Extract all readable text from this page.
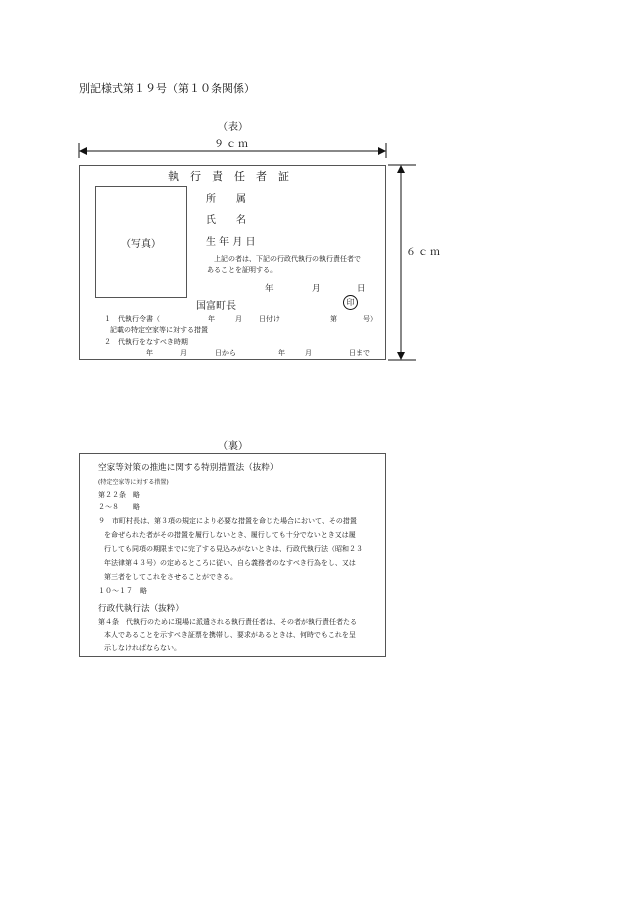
別記様式第１９号（第１０条関係）
（表）
９ｃｍ
６ｃｍ
執　行　責　任　者　証
（写真）
所　　属
氏　　名
生 年 月 日
上記の者は、下記の行政代執行の執行責任者で
あることを証明する。
年	月	日
国富町長	印
１　代執行令書（	年	月 日付け	第	号）
記載の特定空家等に対する措置
２　代執行をなすべき時期
年	月	日から	年	月	日まで
（裏）
空家等対策の推進に関する特別措置法（抜粋）
(特定空家等に対する措置)
第２２条　略
２～８　　略
９　市町村長は、第３項の規定により必要な措置を命じた場合において、その措置
を命ぜられた者がその措置を履行しないとき、履行しても十分でないとき又は履
行しても同項の期限までに完了する見込みがないときは、行政代執行法（昭和２３
年法律第４３号）の定めるところに従い、自ら義務者のなすべき行為をし、又は
第三者をしてこれをさせることができる。
１０～１７　略
行政代執行法（抜粋）
第４条　代執行のために現場に派遣される執行責任者は、その者が執行責任者たる
本人であることを示すべき証票を携帯し、要求があるときは、何時でもこれを呈
示しなければならない。
